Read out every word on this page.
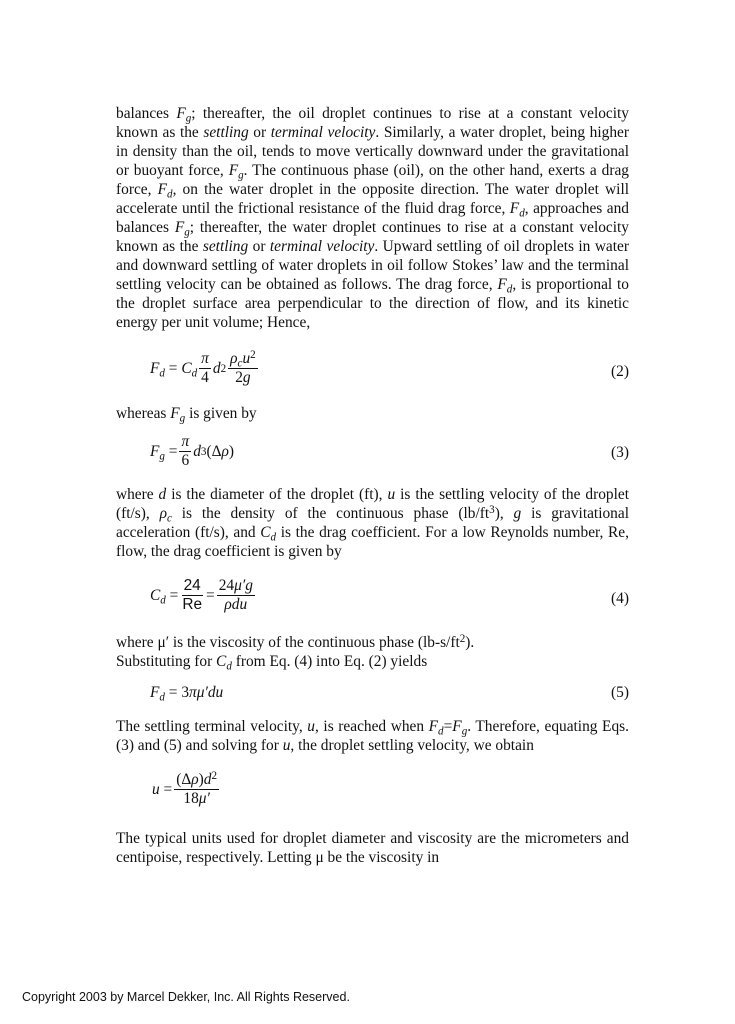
balances $F_g$; thereafter, the oil droplet continues to rise at a constant velocity known as the settling or terminal velocity. Similarly, a water droplet, being higher in density than the oil, tends to move vertically downward under the gravitational or buoyant force, $F_g$. The continuous phase (oil), on the other hand, exerts a drag force, $F_d$, on the water droplet in the opposite direction. The water droplet will accelerate until the frictional resistance of the fluid drag force, $F_d$, approaches and balances $F_g$; thereafter, the water droplet continues to rise at a constant velocity known as the settling or terminal velocity. Upward settling of oil droplets in water and downward settling of water droplets in oil follow Stokes’ law and the terminal settling velocity can be obtained as follows. The drag force, $F_d$, is proportional to the droplet surface area perpendicular to the direction of flow, and its kinetic energy per unit volume; Hence,

$F_d = C_d \frac{\pi}{4}$ d $2 \frac{\rho_cu^2}{2g}$	(2)

whereas $F_g$ is given by

$F_g = \frac{\pi}{6}$ d 3 (Δ ρ )	(3)

where d is the diameter of the droplet (ft), u is the settling velocity of the droplet (ft/s), $\rho_c$ is the density of the continuous phase $(lb/ft^3)$, g is gravitational acceleration (ft/s), and $C_d$ is the drag coefficient. For a low Reynolds number, Re, flow, the drag coefficient is given by

$C_d = \frac{24}{Re} = \frac{24\mu'g}{\text{ρdu}}$	(4)

where μ′ is the viscosity of the continuous phase $(lb-s/ft^2)$.
Substituting for $C_d$ from Eq. (4) into Eq. (2) yields

$F_d = 3$ πμ′du	(5)

The settling terminal velocity, u, is reached when $F_d=F_g$. Therefore, equating Eqs. (3) and (5) and solving for u, the droplet settling velocity, we obtain

$u = \frac{(\Delta\rho)d^2}{18\mu'}$

The typical units used for droplet diameter and viscosity are the micrometers and centipoise, respectively. Letting μ be the viscosity in

Copyright 2003 by Marcel Dekker, Inc. All Rights Reserved.
